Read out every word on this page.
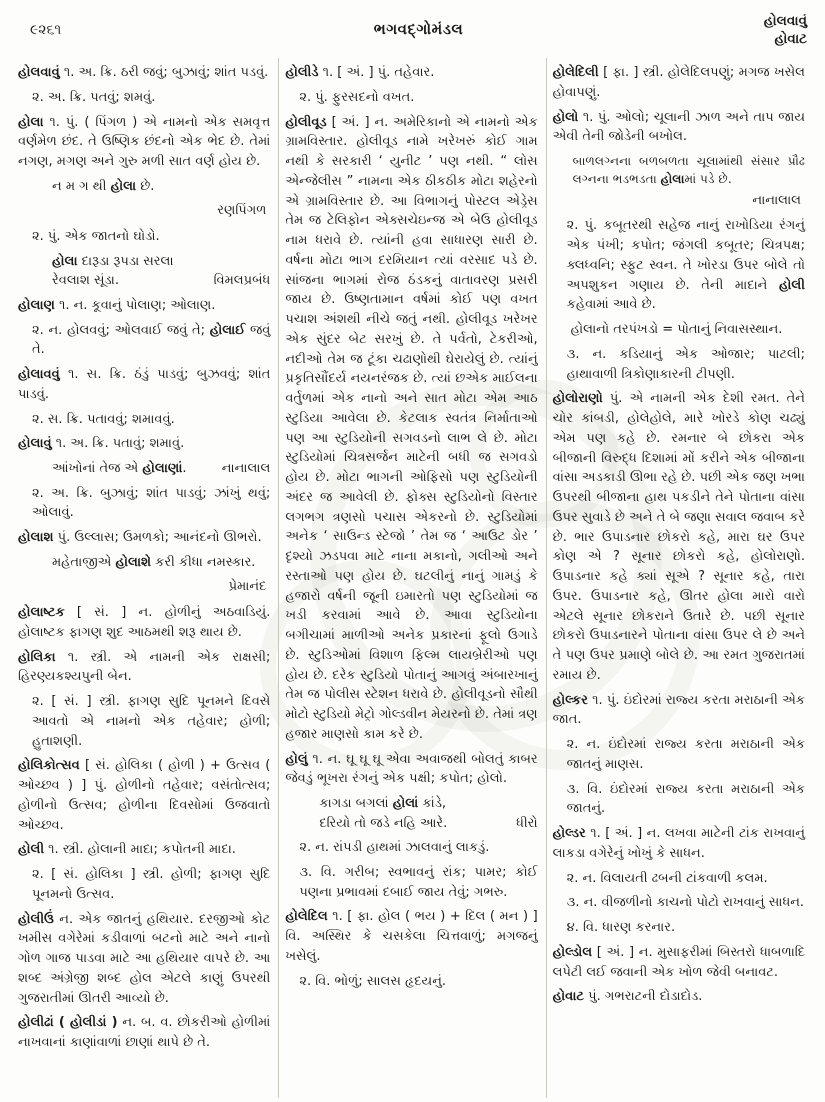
૯૨૬૧	ભગવદ્ગોમંડલ	હોલવાવું
હોવાટ

હોલવાવું ૧. અ. ક્રિ. ઠરી જવું; બુઝાવું; શાંત પડવું.

૨. અ. ક્રિ. પતવું; શમવું.

હોલા ૧. પું. ( પિંગળ ) એ નામનો એક સમવૃત્ત વર્ણમેળ છંદ. તે ઉષ્ણિક છંદનો એક ભેદ છે. તેમાં નગણ, મગણ અને ગુરુ મળી સાત વર્ણ હોય છે.

ન મ ગ થી હોલા છે.
રણપિંગળ

૨. પું. એક જાતનો ઘોડો.

હોલા દારૂડા રૂપડા સરલા
રેવલાશ સૂંડા.	વિમલપ્રબંધ

હોલાણ ૧. ન. કૂવાનું પોલાણ; ઓલાણ.

૨. ન. હોલવવું; ઓલવાઈ જવું તે; હોલાઈ જવું તે.

હોલાવવું ૧. સ. ક્રિ. ઠંડું પાડવું; બુઝવવું; શાંત પાડવું.

૨. સ. ક્રિ. પતાવવું; શમાવવું.

હોલાવું ૧. અ. ક્રિ. પતાવું; શમાવું.

આંખોનાં તેજ એ હોલાણાં.	નાનાલાલ

૨. અ. ક્રિ. બુઝાવું; શાંત પાડવું; ઝાંખું થવું; ઓલાવું.

હોલાશ પું. ઉલ્લાસ; ઉમળકો; આનંદનો ઊભરો.

મહેતાજીએ હોલાશે કરી કીધા નમસ્કાર.
પ્રેમાનંદ

હોલાષ્ટક [ સં. ] ન. હોળીનું અઠવાડિયું. હોલાષ્ટક ફાગણ શુદ આઠમથી શરૂ થાય છે.

હોલિકા ૧. સ્ત્રી. એ નામની એક રાક્ષસી; હિરણ્યકશ્યપુની બેન.

૨. [ સં. ] સ્ત્રી. ફાગણ સુદિ પૂનમને દિવસે આવતો એ નામનો એક તહેવાર; હોળી; હુતાશણી.

હોલિકોત્સવ [ સં. હોલિકા ( હોળી ) + ઉત્સવ ( ઓચ્છવ ) ] પું. હોળીનો તહેવાર; વસંતોત્સવ; હોળીનો ઉત્સવ; હોળીના દિવસોમાં ઉજવાતો ઓચ્છવ.

હોલી ૧. સ્ત્રી. હોલાની માદા; કપોતની માદા.

૨. [ સં. હોલિકા ] સ્ત્રી. હોળી; ફાગણ સુદિ પૂનમનો ઉત્સવ.

હોલીઉં ન. એક જાતનું હથિયાર. દરજીઓ કોટ ખમીસ વગેરેમાં કડીવાળાં બટનો માટે અને નાનો ગોળ ગાજ પાડવા માટે આ હથિયાર વાપરે છે. આ શબ્દ અંગ્રેજી શબ્દ હોલ એટલે કાણું ઉપરથી ગુજરાતીમાં ઊતરી આવ્યો છે.

હોલીઢાં ( હોલીડાં ) ન. બ. વ. છોકરીઓ હોળીમાં નાખવાનાં કાણાંવાળાં છાણાં થાપે છે તે.

હોલીડે ૧. [ અં. ] પું. તહેવાર.

૨. પું. ફુરસદનો વખત.

હોલીવૂડ [ અં. ] ન. અમેરિકાનો એ નામનો એક ગ્રામવિસ્તાર. હોલીવૂડ નામે ખરેખરું કોઈ ગામ નથી કે સરકારી ‘ યુનીટ ’ પણ નથી. “ લોસ એન્જેલીસ ” નામના એક ઠીકઠીક મોટા શહેરનો એ ગ્રામવિસ્તાર છે. આ વિભાગનું પોસ્ટલ એડ્રેસ તેમ જ ટેલિફોન એક્સચેઇન્જ એ બેઉ હોલીવૂડ નામ ધરાવે છે. ત્યાંની હવા સાધારણ સારી છે. વર્ષના મોટા ભાગ દરમિયાન ત્યાં વરસાદ પડે છે. સાંજના ભાગમાં રોજ ઠંડકનું વાતાવરણ પ્રસરી જાય છે. ઉષ્ણતામાન વર્ષમાં કોઈ પણ વખત પચાશ અંશથી નીચે જતું નથી. હોલીવૂડ ખરેખર એક સુંદર બેટ સરખું છે. તે પર્વતો, ટેકરીઓ, નદીઓ તેમ જ ટૂંકા ચઢાણોથી ઘેરાયેલું છે. ત્યાંનું પ્રકૃતિસૌંદર્ય નયનરંજક છે. ત્યાં છએક માઈલના વર્તુળમાં એક નાનો અને સાત મોટા એમ આઠ સ્ટુડિયા આવેલા છે. કેટલાક સ્વતંત્ર નિર્માતાઓ પણ આ સ્ટુડિયોની સગવડનો લાભ લે છે. મોટા સ્ટુડિયોમાં ચિત્રસર્જન માટેની બધી જ સગવડો હોય છે. મોટા ભાગની ઓફિસો પણ સ્ટુડિયોની અંદર જ આવેલી છે. ફોક્સ સ્ટુડિયોનો વિસ્તાર લગભગ ત્રણસો પચાસ એકરનો છે. સ્ટુડિયોમાં અનેક ‘ સાઉન્ડ સ્ટેજો ’ તેમ જ ‘ આઉટ ડોર ’ દૃશ્યો ઝડપવા માટે નાના મકાનો, ગલીઓ અને રસ્તાઓ પણ હોય છે. ઘટલીનું નાનું ગામડું કે હજારો વર્ષની જૂની ઇમારતો પણ સ્ટુડિયોમાં જ ખડી કરવામાં આવે છે. આવા સ્ટુડિયોના બગીચામાં માળીઓ અનેક પ્રકારનાં ફૂલો ઉગાડે છે. સ્ટુડિઓમાં વિશાળ ફિલ્મ લાયબ્રેરીઓ પણ હોય છે. દરેક સ્ટુડિયો પોતાનું આગવું અંબારખાનું તેમ જ પોલીસ સ્ટેશન ધરાવે છે. હોલીવૂડનો સૌથી મોટો સ્ટુડિયો મેટ્રો ગોલ્ડવીન મેયરનો છે. તેમાં ત્રણ હજાર માણસો કામ કરે છે.

હોલું ૧. ન. ઘૂ ઘૂ ઘૂ એવા અવાજથી બોલતું કાબર જેવડું ભૂખરા રંગનું એક પક્ષી; કપોત; હોલો.

કાગડા બગલાં હોલાં કાંડે,
દરિયો તો જડે નહિ આરે.	ધીરો

૨. ન. રાંપડી હાથમાં ઝાલવાનું લાકડું.

૩. વિ. ગરીબ; સ્વભાવનું રાંક; પામર; કોઈ પણના પ્રભાવમાં દબાઈ જાય તેવું; ગભરુ.

હોલેદિલ ૧. [ ફા. હોલ ( ભય ) + દિલ ( મન ) ] વિ. અસ્થિર કે ચસકેલા ચિત્તવાળું; મગજનું ખસેલું.

૨. વિ. ભોળું; સાલસ હૃદયનું.

હોલેદિલી [ ફા. ] સ્ત્રી. હોલેદિલપણું; મગજ ખસેલ હોવાપણું.

હોલો ૧. પું. ઓલો; ચૂલાની ઝાળ અને તાપ જાય એવી તેની જોડેની બખોલ.

બાળલગ્નના બળબળતા ચૂલામાંથી સંસાર પ્રૌઢ લગ્નના ભડભડતા હોલામાં પડે છે.
નાનાલાલ

૨. પું. કબૂતરથી સહેજ નાનું રાખોડિયા રંગનું એક પંખી; કપોત; જંગલી કબૂતર; ચિત્રપક્ષ; ક્લધ્વનિ; સ્ફુટ સ્વન. તે ખોરડા ઉપર બોલે તો અપશુકન ગણાય છે. તેની માદાને હોલી કહેવામાં આવે છે.

હોલાનો તરપંખડો = પોતાનું નિવાસસ્થાન.

૩. ન. કડિયાનું એક ઓજાર; પાટલી; હાથાવાળી ત્રિકોણાકારની ટીપણી.

હોલોરાણો પું. એ નામની એક દેશી રમત. તેને ચોર કાંબડી, હોલેહોલે, મારે ખોરડે કોણ ચઢ્યું એમ પણ કહે છે. રમનાર બે છોકરા એક બીજાની વિરુદ્ધ દિશામાં મોં કરીને એક બીજાના વાંસા અડકાડી ઊભા રહે છે. પછી એક જણ ખભા ઉપરથી બીજાના હાથ પકડીને તેને પોતાના વાંસા ઉપર સુવાડે છે અને તે બે જણા સવાલ જવાબ કરે છે. ભાર ઉપાડનાર છોકરો કહે, મારા ઘર ઉપર કોણ એ ? સૂનાર છોકરો કહે, હોલોરાણો. ઉપાડનાર કહે ક્યાં સૂએ ? સૂનાર કહે, તારા ઉપર. ઉપાડનાર કહે, ઊતર હોલા મારો વારો એટલે સૂનાર છોકરાને ઉતારે છે. પછી સૂનાર છોકરો ઉપાડનારને પોતાના વાંસા ઉપર લે છે અને તે પણ ઉપર પ્રમાણે બોલે છે. આ રમત ગુજરાતમાં રમાય છે.

હોલ્કર ૧. પું. ઇંદોરમાં રાજ્ય કરતા મરાઠાની એક જાત.

૨. ન. ઇંદોરમાં રાજ્ય કરતા મરાઠાની એક જાતનું માણસ.

૩. વિ. ઇંદોરમાં રાજ્ય કરતા મરાઠાની એક જાતનું.

હોલ્ડર ૧. [ અં. ] ન. લખવા માટેની ટાંક રાખવાનું લાકડા વગેરેનું ખોખું કે સાધન.

૨. ન. વિલાયતી ઢબની ટાંકવાળી કલમ.

૩. ન. વીજળીનો કાચનો પોટો રાખવાનું સાધન.

૪. વિ. ધારણ કરનાર.

હોલ્ડોલ [ અં. ] ન. મુસાફરીમાં બિસ્તરો ધાબળાદિ લપેટી લઈ જવાની એક ખોળ જેવી બનાવટ.

હોવાટ પું. ગભરાટની દોડાદોડ.
